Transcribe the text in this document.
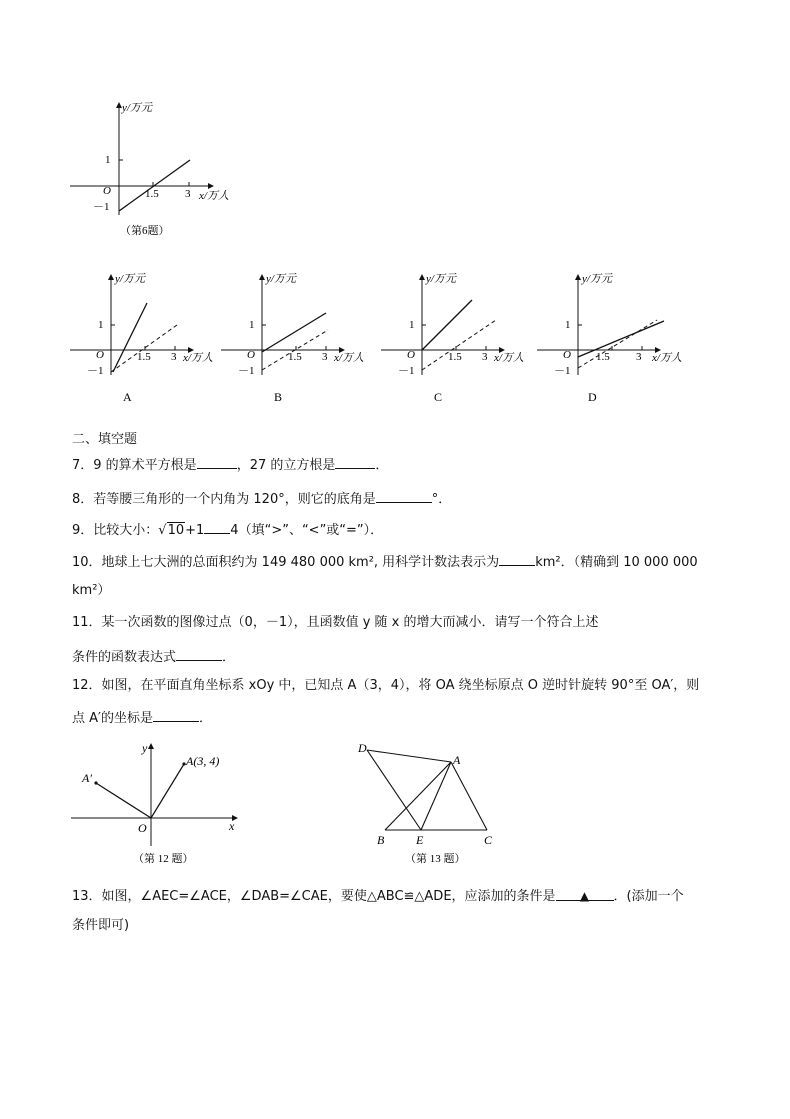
y/万元
1
O
－1
1.5 3 x/万人
（第6题）
y/万元
1
O
－1
1.5 3 x/万人
A
y/万元
1
O
－1
1.5 3 x/万人
B
y/万元
1
O
－1
1.5 3 x/万人
C
y/万元
1
O
－1
1.5 3 x/万人
D
二、填空题
7．9 的算术平方根是	，27 的立方根是	．
8．若等腰三角形的一个内角为 120°，则它的底角是	°．
9．比较大小：√10+1 4（填“>”、“<”或“=”）．
10．地球上七大洲的总面积约为 149 480 000 km², 用科学计数法表示为	km²．（精确到 10 000 000
km²）
11．某一次函数的图像过点（0，－1），且函数值 y 随 x 的增大而减小．请写一个符合上述
条件的函数表达式	．
12．如图，在平面直角坐标系 xOy 中，已知点 A（3，4），将 OA 绕坐标原点 O 逆时针旋转 90°至 OA′，则
点 A′的坐标是	．
y
x
O
A(3, 4)
A′
（第 12 题）
D
A
B	E	C
（第 13 题）
13．如图，∠AEC=∠ACE，∠DAB=∠CAE，要使△ABC≌△ADE，应添加的条件是 ▲ ．(添加一个
条件即可)
